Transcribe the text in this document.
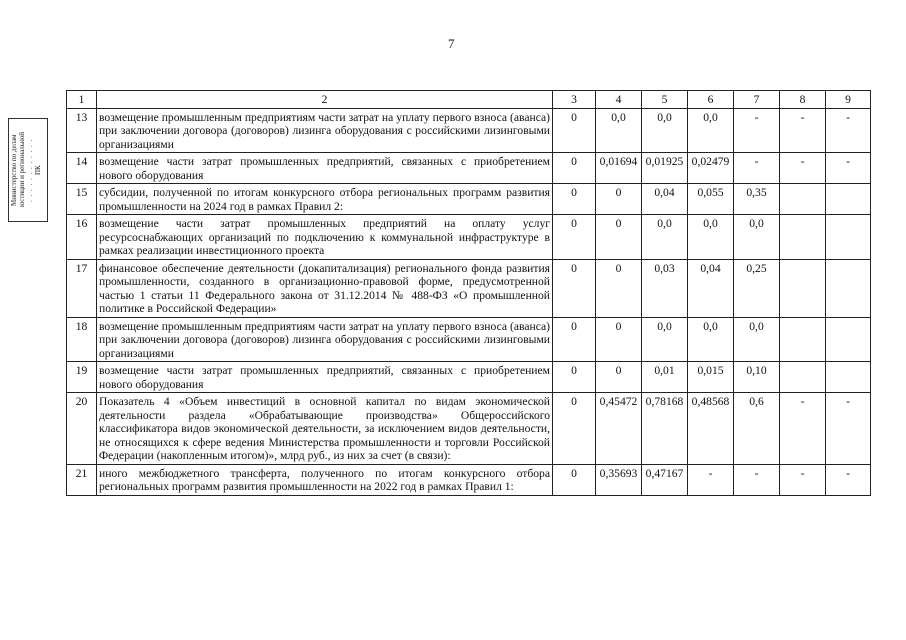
7
Министерство по делам юстиции и региональной . . . . . . . . . . . . ПК
1	2	3	4	5	6	7	8	9
13	возмещение промышленным предприятиям части затрат на уплату первого взноса (аванса) при заключении договора (договоров) лизинга оборудования с российскими лизинговыми организациями	0	0,0	0,0	0,0	-	-	-
14	возмещение части затрат промышленных предприятий, связанных с приобретением нового оборудования	0	0,01694	0,01925	0,02479	-	-	-
15	субсидии, полученной по итогам конкурсного отбора региональных программ развития промышленности на 2024 год в рамках Правил 2:	0	0	0,04	0,055	0,35		
16	возмещение части затрат промышленных предприятий на оплату услуг ресурсоснабжающих организаций по подключению к коммунальной инфраструктуре в рамках реализации инвестиционного проекта	0	0	0,0	0,0	0,0		
17	финансовое обеспечение деятельности (докапитализация) регионального фонда развития промышленности, созданного в организационно-правовой форме, предусмотренной частью 1 статьи 11 Федерального закона от 31.12.2014 № 488-ФЗ «О промышленной политике в Российской Федерации»	0	0	0,03	0,04	0,25		
18	возмещение промышленным предприятиям части затрат на уплату первого взноса (аванса) при заключении договора (договоров) лизинга оборудования с российскими лизинговыми организациями	0	0	0,0	0,0	0,0		
19	возмещение части затрат промышленных предприятий, связанных с приобретением нового оборудования	0	0	0,01	0,015	0,10		
20	Показатель 4 «Объем инвестиций в основной капитал по видам экономической деятельности раздела «Обрабатывающие производства» Общероссийского классификатора видов экономической деятельности, за исключением видов деятельности, не относящихся к сфере ведения Министерства промышленности и торговли Российской Федерации (накопленным итогом)», млрд руб., из них за счет (в связи):	0	0,45472	0,78168	0,48568	0,6	-	-
21	иного межбюджетного трансферта, полученного по итогам конкурсного отбора региональных программ развития промышленности на 2022 год в рамках Правил 1:	0	0,35693	0,47167	-	-	-	-
